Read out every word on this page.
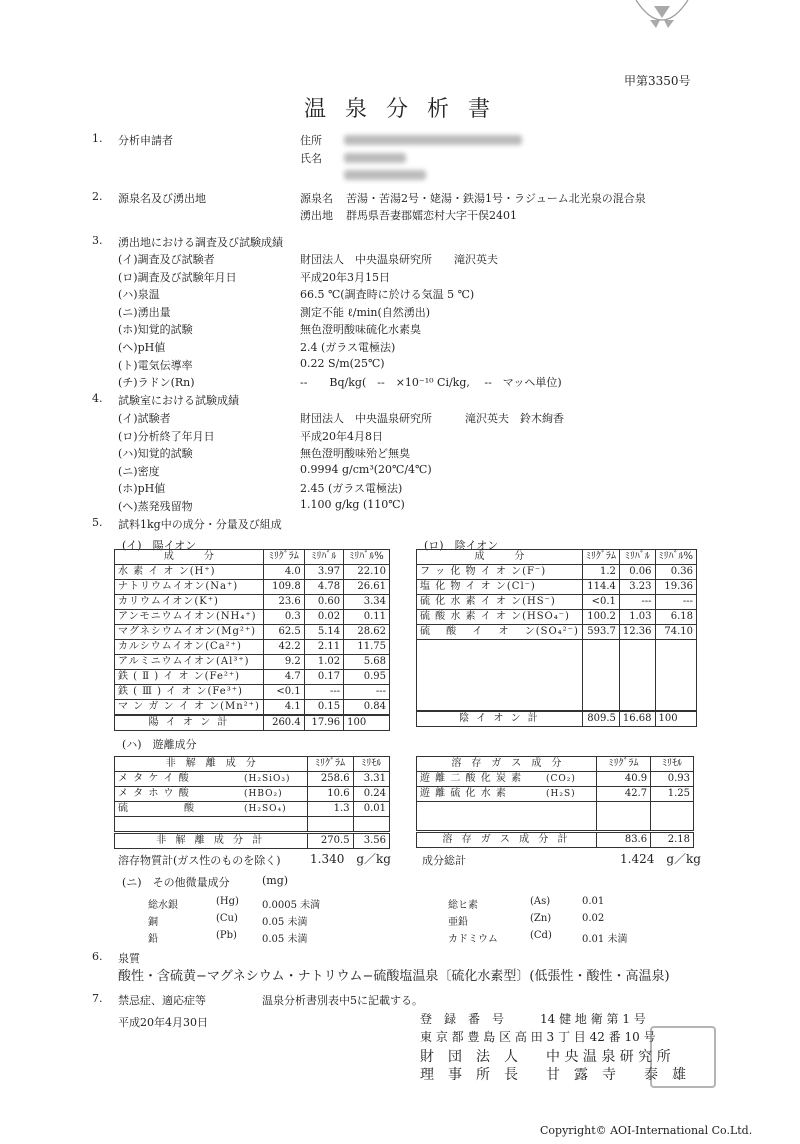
甲第3350号
温 泉 分 析 書
1. 分析申請者	住所
氏名
2. 源泉名及び湧出地	源泉名 苦湯・苦湯2号・姥湯・鉄湯1号・ラジューム北光泉の混合泉
湧出地 群馬県吾妻郡嬬恋村大字干俣2401
3. 湧出地における調査及び試験成績
(イ)調査及び試験者	財団法人　中央温泉研究所　　滝沢英夫
(ロ)調査及び試験年月日	平成20年3月15日
(ハ)泉温	66.5 ℃(調査時に於ける気温 5 ℃)
(ニ)湧出量	測定不能 ℓ/min(自然湧出)
(ホ)知覚的試験	無色澄明酸味硫化水素臭
(ヘ)pH値	2.4 (ガラス電極法)
(ト)電気伝導率	0.22 S/m(25℃)
(チ)ラドン(Rn)	--　　Bq/kg(　--　×10⁻¹⁰ Ci/kg,　 --　マッヘ単位)
4. 試験室における試験成績
(イ)試験者	財団法人　中央温泉研究所　　　滝沢英夫　鈴木絢香
(ロ)分析終了年月日	平成20年4月8日
(ハ)知覚的試験	無色澄明酸味殆ど無臭
(ニ)密度	0.9994 g/cm³(20℃/4℃)
(ホ)pH値	2.45 (ガラス電極法)
(ヘ)蒸発残留物	1.100 g/kg (110℃)
5. 試料1kg中の成分・分量及び組成
(イ)　陽イオン	(ロ)　陰イオン
成　　　分	ﾐﾘｸﾞﾗﾑ	ﾐﾘﾊﾞﾙ	ﾐﾘﾊﾞﾙ%
水 素 イ オ ン(H⁺)	4.0	3.97	22.10
ナトリウムイオン(Na⁺)	109.8	4.78	26.61
カリウムイオン(K⁺)	23.6	0.60	3.34
アンモニウムイオン(NH₄⁺)	0.3	0.02	0.11
マグネシウムイオン(Mg²⁺)	62.5	5.14	28.62
カルシウムイオン(Ca²⁺)	42.2	2.11	11.75
アルミニウムイオン(Al³⁺)	9.2	1.02	5.68
鉄 ( Ⅱ ) イ オ ン(Fe²⁺)	4.7	0.17	0.95
鉄 ( Ⅲ ) イ オ ン(Fe³⁺)	<0.1	---	---
マ ン ガ ン イ オ ン(Mn²⁺)	4.1	0.15	0.84
陽 イ オ ン 計	260.4	17.96	100
成　　　分	ﾐﾘｸﾞﾗﾑ	ﾐﾘﾊﾞﾙ	ﾐﾘﾊﾞﾙ%
フ ッ 化 物 イ オ ン(F⁻)	1.2	0.06	0.36
塩 化 物 イ オ ン(Cl⁻)	114.4	3.23	19.36
硫 化 水 素 イ オ ン(HS⁻)	<0.1	---	---
硫 酸 水 素 イ オ ン(HSO₄⁻)	100.2	1.03	6.18
硫 　酸 　イ 　オ 　ン(SO₄²⁻)	593.7	12.36	74.10

陰 イ オ ン 計	809.5	16.68	100
(ハ)　遊離成分
非　解　離　成　分		ﾐﾘｸﾞﾗﾑ	ﾐﾘﾓﾙ
メ タ ケ イ 酸	(H₂SiO₃)	258.6	3.31
メ タ ホ ウ 酸	(HBO₂)	10.6	0.24
硫　　　　　酸	(H₂SO₄)	1.3	0.01

非 解 離 成 分 計		270.5	3.56
溶　存　ガ　ス　成　分		ﾐﾘｸﾞﾗﾑ	ﾐﾘﾓﾙ
遊 離 二 酸 化 炭 素	(CO₂)	40.9	0.93
遊 離 硫 化 水 素	(H₂S)	42.7	1.25

溶 存 ガ ス 成 分 計		83.6	2.18
溶存物質計(ガス性のものを除く) 1.340　g／kg	成分総計	1.424　g／kg
(ニ)　その他微量成分	(mg)
総水銀	(Hg) 0.0005 未満	総ヒ素	(As)	0.01
銅	(Cu) 0.05 未満	亜鉛	(Zn)	0.02
鉛	(Pb)	0.05 未満	カドミウム	(Cd)	0.01 未満
6. 泉質
酸性・含硫黄−マグネシウム・ナトリウム−硫酸塩温泉〔硫化水素型〕(低張性・酸性・高温泉)
7. 禁忌症、適応症等	温泉分析書別表中5に記載する。
平成20年4月30日	登　録　番　号　　　14 健 地 衛 第 1 号
東 京 都 豊 島 区 高 田 3 丁 目 42 番 10 号
財　団　法　人　　中 央 温 泉 研 究 所
理　事　所　長　　甘　露　寺　　泰　雄
Copyright© AOI-International Co.Ltd.
